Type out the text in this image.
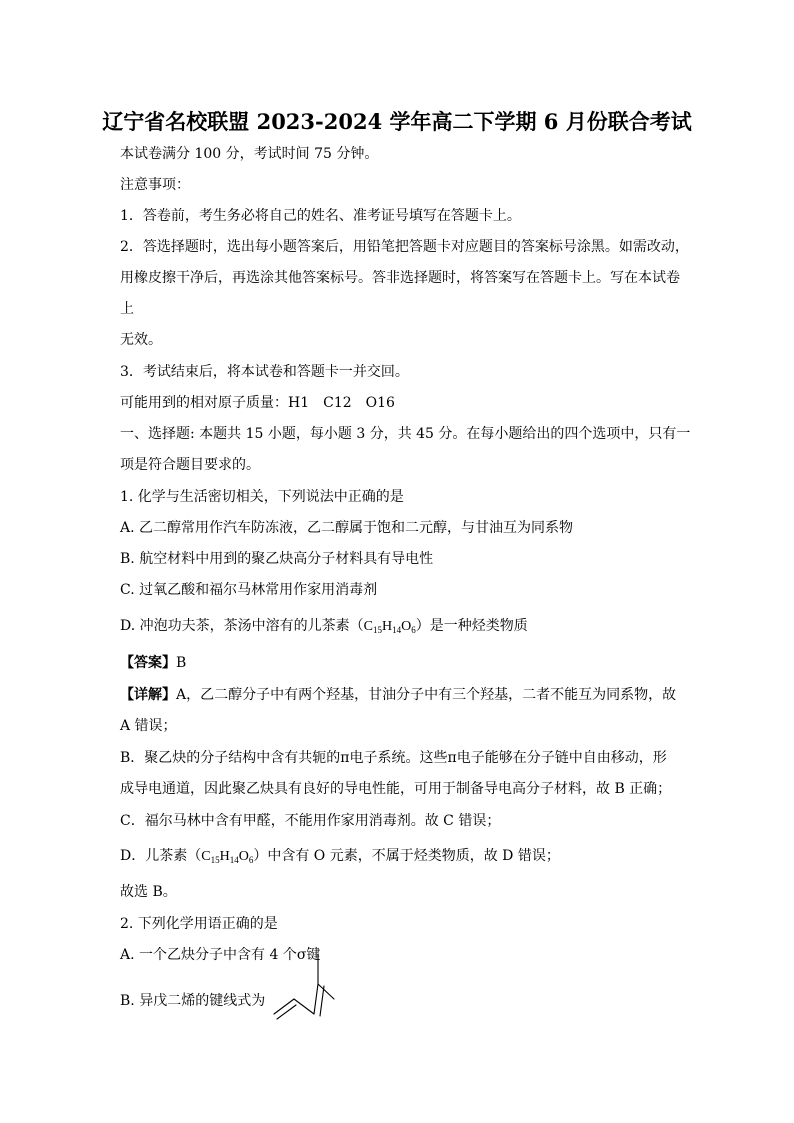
辽宁省名校联盟 2023-2024 学年高二下学期 6 月份联合考试
本试卷满分 100 分，考试时间 75 分钟。
注意事项：
1．答卷前，考生务必将自己的姓名、准考证号填写在答题卡上。
2．答选择题时，选出每小题答案后，用铅笔把答题卡对应题目的答案标号涂黑。如需改动，
用橡皮擦干净后，再选涂其他答案标号。答非选择题时，将答案写在答题卡上。写在本试卷
上
无效。
3．考试结束后，将本试卷和答题卡一并交回。
可能用到的相对原子质量：H1　C12　O16
一、选择题: 本题共 15 小题，每小题 3 分，共 45 分。在每小题给出的四个选项中，只有一
项是符合题目要求的。
1. 化学与生活密切相关，下列说法中正确的是
A. 乙二醇常用作汽车防冻液，乙二醇属于饱和二元醇，与甘油互为同系物
B. 航空材料中用到的聚乙炔高分子材料具有导电性
C. 过氧乙酸和福尔马林常用作家用消毒剂
D. 冲泡功夫茶，茶汤中溶有的儿茶素$(C_{15}H_{14}O_6)$是一种烃类物质
【答案】B
【详解】A，乙二醇分子中有两个羟基，甘油分子中有三个羟基，二者不能互为同系物，故
A 错误；
B．聚乙炔的分子结构中含有共轭的π电子系统。这些π电子能够在分子链中自由移动，形
成导电通道，因此聚乙炔具有良好的导电性能，可用于制备导电高分子材料，故 B 正确；
C．福尔马林中含有甲醛，不能用作家用消毒剂。故 C 错误；
D．儿茶素$(C_{15}H_{14}O_6)$中含有 O 元素，不属于烃类物质，故 D 错误；
故选 B。
2. 下列化学用语正确的是
A. 一个乙炔分子中含有 4 个σ键
B. 异戊二烯的键线式为
